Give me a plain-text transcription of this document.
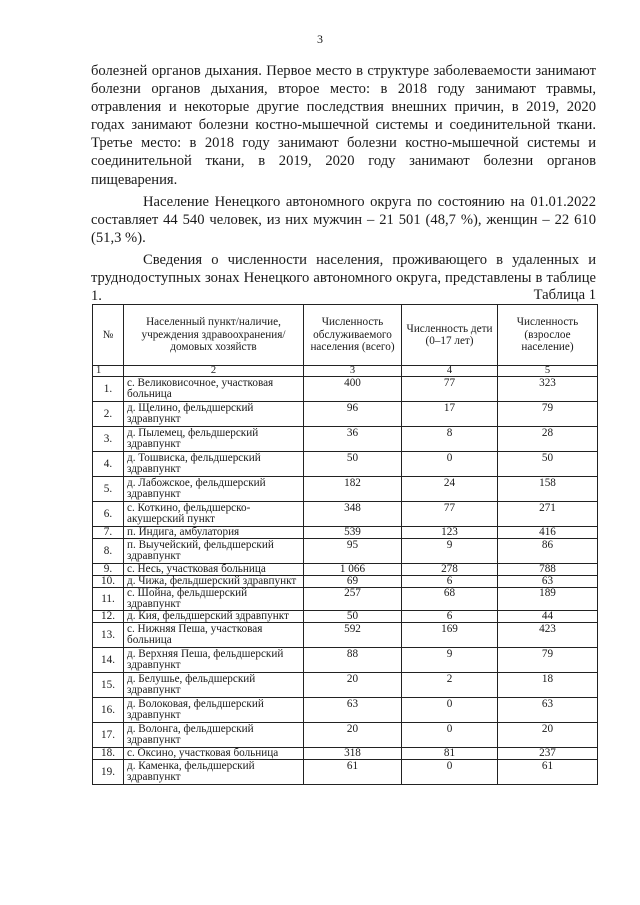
3

болезней органов дыхания. Первое место в структуре заболеваемости занимают болезни органов дыхания, второе место: в 2018 году занимают травмы, отравления и некоторые другие последствия внешних причин, в 2019, 2020 годах занимают болезни костно-мышечной системы и соединительной ткани. Третье место: в 2018 году занимают болезни костно-мышечной системы и соединительной ткани, в 2019, 2020 году занимают болезни органов пищеварения.

Население Ненецкого автономного округа по состоянию на 01.01.2022 составляет 44 540 человек, из них мужчин – 21 501 (48,7 %), женщин – 22 610 (51,3 %).

Сведения о численности населения, проживающего в удаленных и труднодоступных зонах Ненецкого автономного округа, представлены в таблице 1.	Таблица 1
№	Населенный пункт/наличие, учреждения здравоохранения/ домовых хозяйств	Численность обслуживаемого населения (всего)	Численность дети (0–17 лет)	Численность (взрослое население)
1	2	3	4	5
1.	с. Великовисочное, участковая больница	400	77	323
2.	д. Щелино, фельдшерский здравпункт	96	17	79
3.	д. Пылемец, фельдшерский здравпункт	36	8	28
4.	д. Тошвиска, фельдшерский здравпункт	50	0	50
5.	д. Лабожское, фельдшерский здравпункт	182	24	158
6.	с. Коткино, фельдшерско-акушерский пункт	348	77	271
7.	п. Индига, амбулатория	539	123	416
8.	п. Выучейский, фельдшерский здравпункт	95	9	86
9.	с. Несь, участковая больница	1 066	278	788
10.	д. Чижа, фельдшерский здравпункт	69	6	63
11.	с. Шойна, фельдшерский здравпункт	257	68	189
12.	д. Кия, фельдшерский здравпункт	50	6	44
13.	с. Нижняя Пеша, участковая больница	592	169	423
14.	д. Верхняя Пеша, фельдшерский здравпункт	88	9	79
15.	д. Белушье, фельдшерский здравпункт	20	2	18
16.	д. Волоковая, фельдшерский здравпункт	63	0	63
17.	д. Волонга, фельдшерский здравпункт	20	0	20
18.	с. Оксино, участковая больница	318	81	237
19.	д. Каменка, фельдшерский здравпункт	61	0	61
